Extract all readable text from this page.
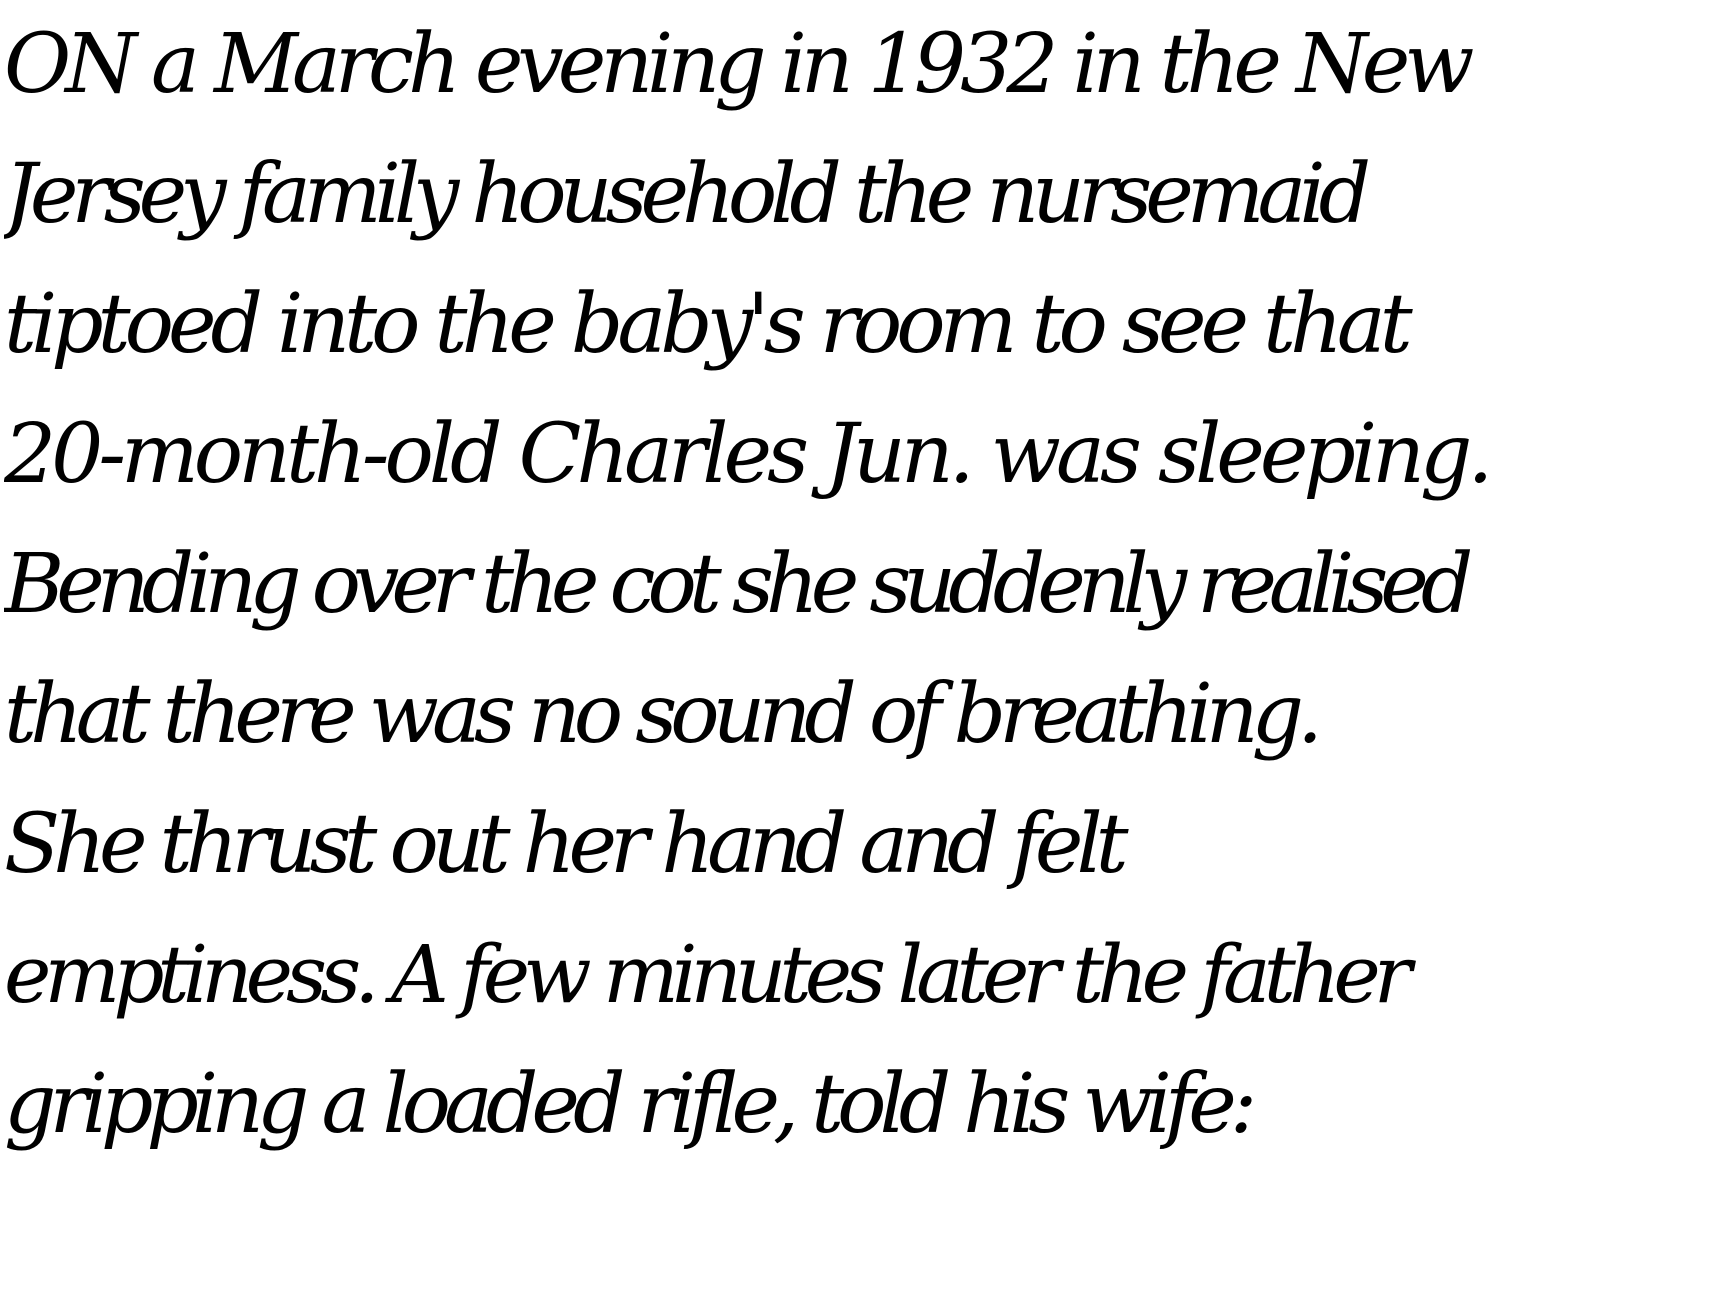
ON a March evening in 1932 in the New
Jersey family household the nursemaid
tiptoed into the baby's room to see that
20-month-old Charles Jun. was sleeping.
Bending over the cot she suddenly realised
that there was no sound of breathing.
She thrust out her hand and felt
emptiness. A few minutes later the father
gripping a loaded rifle, told his wife:
